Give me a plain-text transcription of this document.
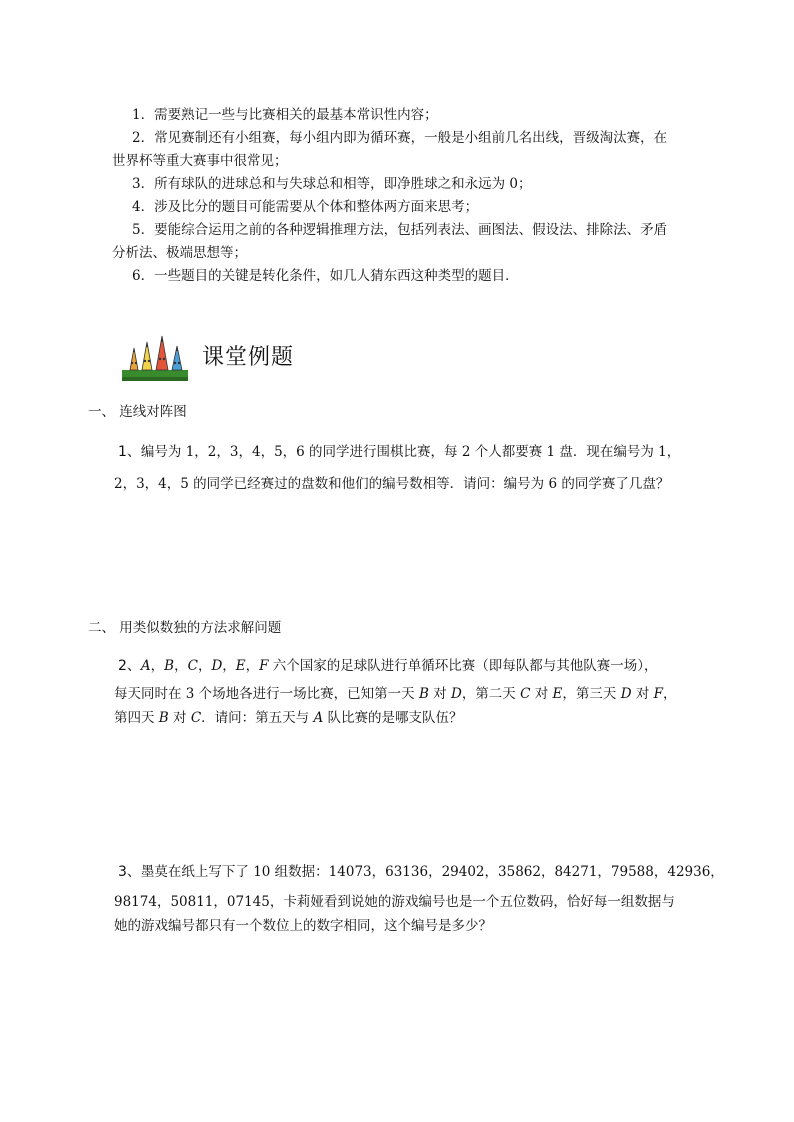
1．需要熟记一些与比赛相关的最基本常识性内容；
2．常见赛制还有小组赛，每小组内即为循环赛，一般是小组前几名出线，晋级淘汰赛，在
世界杯等重大赛事中很常见；
3．所有球队的进球总和与失球总和相等，即净胜球之和永远为 0；
4．涉及比分的题目可能需要从个体和整体两方面来思考；
5．要能综合运用之前的各种逻辑推理方法，包括列表法、画图法、假设法、排除法、矛盾
分析法、极端思想等；
6．一些题目的关键是转化条件，如几人猜东西这种类型的题目．
课堂例题
一、 连线对阵图
1、编号为 1，2，3，4，5，6 的同学进行围棋比赛，每 2 个人都要赛 1 盘．现在编号为 1，
2，3，4，5 的同学已经赛过的盘数和他们的编号数相等．请问：编号为 6 的同学赛了几盘？
二、 用类似数独的方法求解问题
2、A，B，C，D，E，F 六个国家的足球队进行单循环比赛（即每队都与其他队赛一场），
每天同时在 3 个场地各进行一场比赛，已知第一天 B 对 D，第二天 C 对 E，第三天 D 对 F，
第四天 B 对 C．请问：第五天与 A 队比赛的是哪支队伍？
3、墨莫在纸上写下了 10 组数据：14073，63136，29402，35862，84271，79588，42936，
98174，50811，07145，卡莉娅看到说她的游戏编号也是一个五位数码，恰好每一组数据与
她的游戏编号都只有一个数位上的数字相同，这个编号是多少？
